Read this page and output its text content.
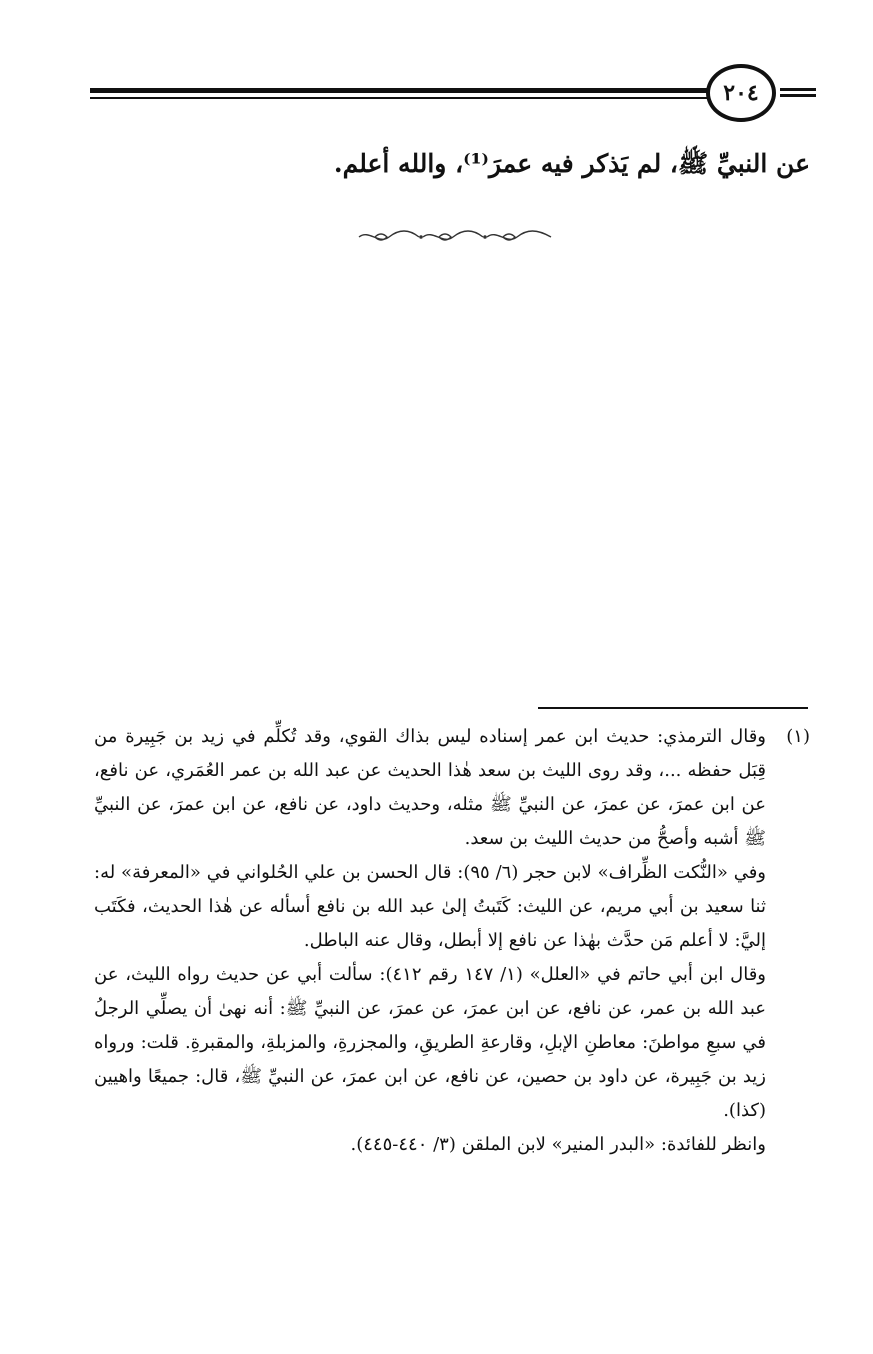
٢٠٤
عن النبيِّ ﷺ، لم يَذكر فيه عمرَ⁽¹⁾، والله أعلم.
(١)

وقال الترمذي: حديث ابن عمر إسناده ليس بذاك القوي، وقد تُكلِّم في زيد بن جَبِيرة من قِبَل حفظه ...، وقد روى الليث بن سعد هٰذا الحديث عن عبد الله بن عمر العُمَري، عن نافع، عن ابن عمرَ، عن عمرَ، عن النبيِّ ﷺ مثله، وحديث داود، عن نافع، عن ابن عمرَ، عن النبيِّ ﷺ أشبه وأصحُّ من حديث الليث بن سعد.

وفي «النُّكت الظِّراف» لابن حجر (٦/ ٩٥): قال الحسن بن علي الحُلواني في «المعرفة» له: ثنا سعيد بن أبي مريم، عن الليث: كَتَبتُ إلىٰ عبد الله بن نافع أسأله عن هٰذا الحديث، فكَتَب إليَّ: لا أعلم مَن حدَّث بهٰذا عن نافع إلا أبطل، وقال عنه الباطل.

وقال ابن أبي حاتم في «العلل» (١/ ١٤٧ رقم ٤١٢): سألت أبي عن حديث رواه الليث، عن عبد الله بن عمر، عن نافع، عن ابن عمرَ، عن عمرَ، عن النبيِّ ﷺ: أنه نهىٰ أن يصلِّي الرجلُ في سبعِ مواطنَ: معاطنِ الإبلِ، وقارعةِ الطريقِ، والمجزرةِ، والمزبلةِ، والمقبرةِ. قلت: ورواه زيد بن جَبِيرة، عن داود بن حصين، عن نافع، عن ابن عمرَ، عن النبيِّ ﷺ، قال: جميعًا واهيين (كذا).

وانظر للفائدة: «البدر المنير» لابن الملقن (٣/ ٤٤٠-٤٤٥).
